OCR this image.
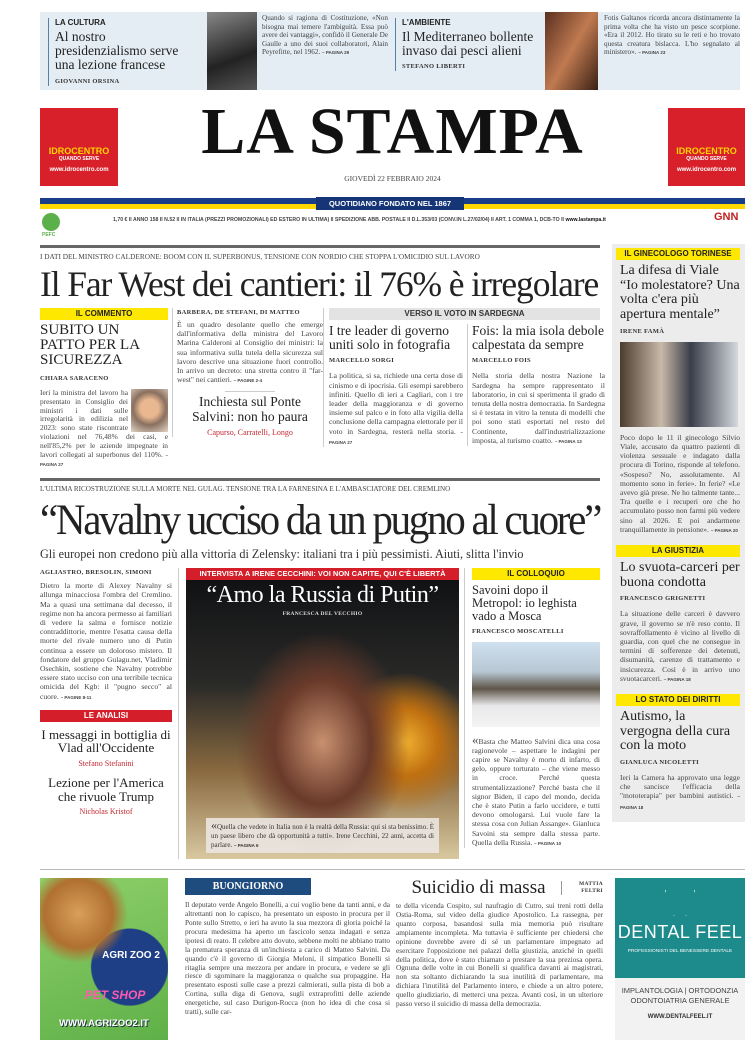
LA CULTURA
Al nostro presidenzialismo serve una lezione francese
GIOVANNI ORSINA
Quando si ragiona di Costituzione, «Non bisogna mai temere l'ambiguità. Essa può avere dei vantaggi», confidò il Generale De Gaulle a uno dei suoi collaboratori, Alain Peyrefitte, nel 1962. – PAGINA 29
L'AMBIENTE
Il Mediterraneo bollente invaso dai pesci alieni
STEFANO LIBERTI
Fotis Galtanos ricorda ancora distintamente la prima volta che ha visto un pesce scorpione. «Era il 2012. Ho tirato su le reti e ho trovato questa creatura bislacca. L'ho segnalato al ministero». – PAGINA 23
IDROCENTRO
QUANDO SERVE
www.idrocentro.com
IDROCENTRO
QUANDO SERVE
www.idrocentro.com
LA STAMPA
GIOVEDÌ 22 FEBBRAIO 2024
QUOTIDIANO FONDATO NEL 1867
PEFC
1,70 € II ANNO 158 II N.52 II IN ITALIA (PREZZI PROMOZIONALI) ED ESTERO IN ULTIMA) II SPEDIZIONE ABB. POSTALE II D.L.353/03 (CONV.IN L.27/02/04) II ART. 1 COMMA 1, DCB-TO II www.lastampa.it	GNN
I DATI DEL MINISTRO CALDERONE: BOOM CON IL SUPERBONUS, TENSIONE CON NORDIO CHE STOPPA L'OMICIDIO SUL LAVORO
Il Far West dei cantieri: il 76% è irregolare
IL COMMENTO
SUBITO UN PATTO PER LA SICUREZZA
CHIARA SARACENO
Ieri la ministra del lavoro ha presentato in Consiglio dei ministri i dati sulle irregolarità in edilizia nel 2023: sono state riscontrate violazioni nel 76,48% dei casi, e nell'85,2% per le aziende impegnate in lavori collegati al superbonus del 110%. – PAGINA 27
BARBERA, DE STEFANI, DI MATTEO
È un quadro desolante quello che emerge dall'informativa della ministra del Lavoro Marina Calderoni al Consiglio dei ministri: la sua informativa sulla tutela della sicurezza sul lavoro descrive una situazione fuori controllo. In arrivo un decreto: una stretta contro il "far-west" nei cantieri. – PAGINE 2-4
Inchiesta sul Ponte Salvini: non ho paura
Capurso, Carratelli, Longo
VERSO IL VOTO IN SARDEGNA
I tre leader di governo uniti solo in fotografia
MARCELLO SORGI
La politica, si sa, richiede una certa dose di cinismo e di ipocrisia. Gli esempi sarebbero infiniti. Quello di ieri a Cagliari, con i tre leader della maggioranza e di governo insieme sul palco e in foto alla vigilia della conclusione della campagna elettorale per il voto in Sardegna, resterà nella storia. – PAGINA 27
Fois: la mia isola debole calpestata da sempre
MARCELLO FOIS
Nella storia della nostra Nazione la Sardegna ha sempre rappresentato il laboratorio, in cui si sperimenta il grado di tenuta della nostra democrazia. In Sardegna si è testata in vitro la tenuta di modelli che poi sono stati esportati nel resto del Continente, dall'industrializzazione imposta, al turismo coatto. – PAGINA 13
L'ULTIMA RICOSTRUZIONE SULLA MORTE NEL GULAG. TENSIONE TRA LA FARNESINA E L'AMBASCIATORE DEL CREMLINO
“Navalny ucciso da un pugno al cuore”
Gli europei non credono più alla vittoria di Zelensky: italiani tra i più pessimisti. Aiuti, slitta l'invio
AGLIASTRO, BRESOLIN, SIMONI
Dietro la morte di Alexey Navalny si allunga minacciosa l'ombra del Cremlino. Ma a quasi una settimana dal decesso, il regime non ha ancora permesso ai familiari di vedere la salma e fornisce notizie contraddittorie, mentre l'esatta causa della morte del rivale numero uno di Putin continua a essere un doloroso mistero. Il fondatore del gruppo Gulagu.net, Vladimir Osechkin, sostiene che Navalny potrebbe essere stato ucciso con una terribile tecnica omicida del Kgb: il "pugno secco" al cuore. – PAGINE 8-11
LE ANALISI
I messaggi in bottiglia di Vlad all'Occidente
Stefano Stefanini
Lezione per l'America che rivuole Trump
Nicholas Kristof
INTERVISTA A IRENE CECCHINI: VOI NON CAPITE, QUI C'È LIBERTÀ
“Amo la Russia di Putin”
FRANCESCA DEL VECCHIO
«Quella che vedete in Italia non è la realtà della Russia: qui si sta benissimo. È un paese libero che dà opportunità a tutti». Irene Cecchini, 22 anni, accetta di parlare. – PAGINA 6
IL COLLOQUIO
Savoini dopo il Metropol: io leghista vado a Mosca
FRANCESCO MOSCATELLI
«Basta che Matteo Salvini dica una cosa ragionevole – aspettare le indagini per capire se Navalny è morto di infarto, di gelo, oppure torturato – che viene messo in croce. Perché questa strumentalizzazione? Perché basta che il signor Biden, il capo del mondo, decida che è stato Putin a farlo uccidere, e tutti devono omologarsi. Lui vuole fare la stessa cosa con Julian Assange». Gianluca Savoini sta sempre dalla stessa parte. Quella della Russia. – PAGINA 10
IL GINECOLOGO TORINESE
La difesa di Viale “Io molestatore? Una volta c'era più apertura mentale”
IRENE FAMÀ
Poco dopo le 11 il ginecologo Silvio Viale, accusato da quattro pazienti di violenza sessuale e indagato dalla procura di Torino, risponde al telefono. «Sospeso? No, assolutamente. Al momento sono in ferie». In ferie? «Le avevo già prese. Ne ho talmente tante... Tra quelle e i recuperi ore che ho accumulato posso non farmi più vedere sino al 2026. E poi andarmene tranquillamente in pensione». – PAGINA 20
LA GIUSTIZIA
Lo svuota-carceri per buona condotta
FRANCESCO GRIGNETTI
La situazione delle carceri è davvero grave, il governo se n'è reso conto. Il sovraffollamento è vicino al livello di guardia, con quel che ne consegue in termini di sofferenze dei detenuti, disumanità, carenze di trattamento e insicurezza. Così è in arrivo uno svuotacarceri. – PAGINA 18
LO STATO DEI DIRITTI
Autismo, la vergogna della cura con la moto
GIANLUCA NICOLETTI
Ieri la Camera ha approvato una legge che sancisce l'efficacia della "mototerapia" per bambini autistici. – PAGINA 18
AGRI ZOO 2
PET SHOP
WWW.AGRIZOO2.IT
BUONGIORNO
Il deputato verde Angelo Bonelli, a cui voglio bene da tanti anni, e da altrettanti non lo capisco, ha presentato un esposto in procura per il Ponte sullo Stretto, e ieri ha avuto la sua mezzora di gloria poiché la procura medesima ha aperto un fascicolo senza indagati e senza ipotesi di reato. Il celebre atto dovuto, sebbene molti ne abbiano tratto la prematura speranza di un'inchiesta a carico di Matteo Salvini. Da quando c'è il governo di Giorgia Meloni, il simpatico Bonelli si ritaglia sempre una mezzora per andare in procura, e vedere se gli riesce di sgominare la maggioranza o qualche sua propaggine. Ha presentato esposti sulle case a prezzi calmierati, sulla pista di bob a Cortina, sulla diga di Genova, sugli extraprofitti delle aziende energetiche, sul caso Durigon-Rocca (non ho idea di che cosa si tratti), sulle car-
Suicidio di massa	MATTIA FELTRI
te della vicenda Cospito, sul naufragio di Cutro, sui treni rotti della Ostia-Roma, sul video della giudice Apostolico. La rassegna, per quanto corposa, basandosi sulla mia memoria può risultare ampiamente incompleta. Ma tuttavia è sufficiente per chiedersi che opinione dovrebbe avere di sé un parlamentare impegnato ad esercitare l'opposizione nei palazzi della giustizia, anziché in quelli della politica, dove è stato chiamato a prestare la sua preziosa opera. Ognuna delle volte in cui Bonelli si qualifica davanti ai magistrati, non sta soltanto dichiarando la sua inutilità di parlamentare, ma dichiara l'inutilità del Parlamento intero, e chiede a un altro potere, quello giudiziario, di metterci una pezza. Avanti così, in un ulteriore passo verso il suicidio di massa della democrazia.
DENTAL FEEL
PROFESSIONISTI DEL BENESSERE DENTALE
IMPLANTOLOGIA | ORTODONZIA
ODONTOIATRIA GENERALE
WWW.DENTALFEEL.IT
